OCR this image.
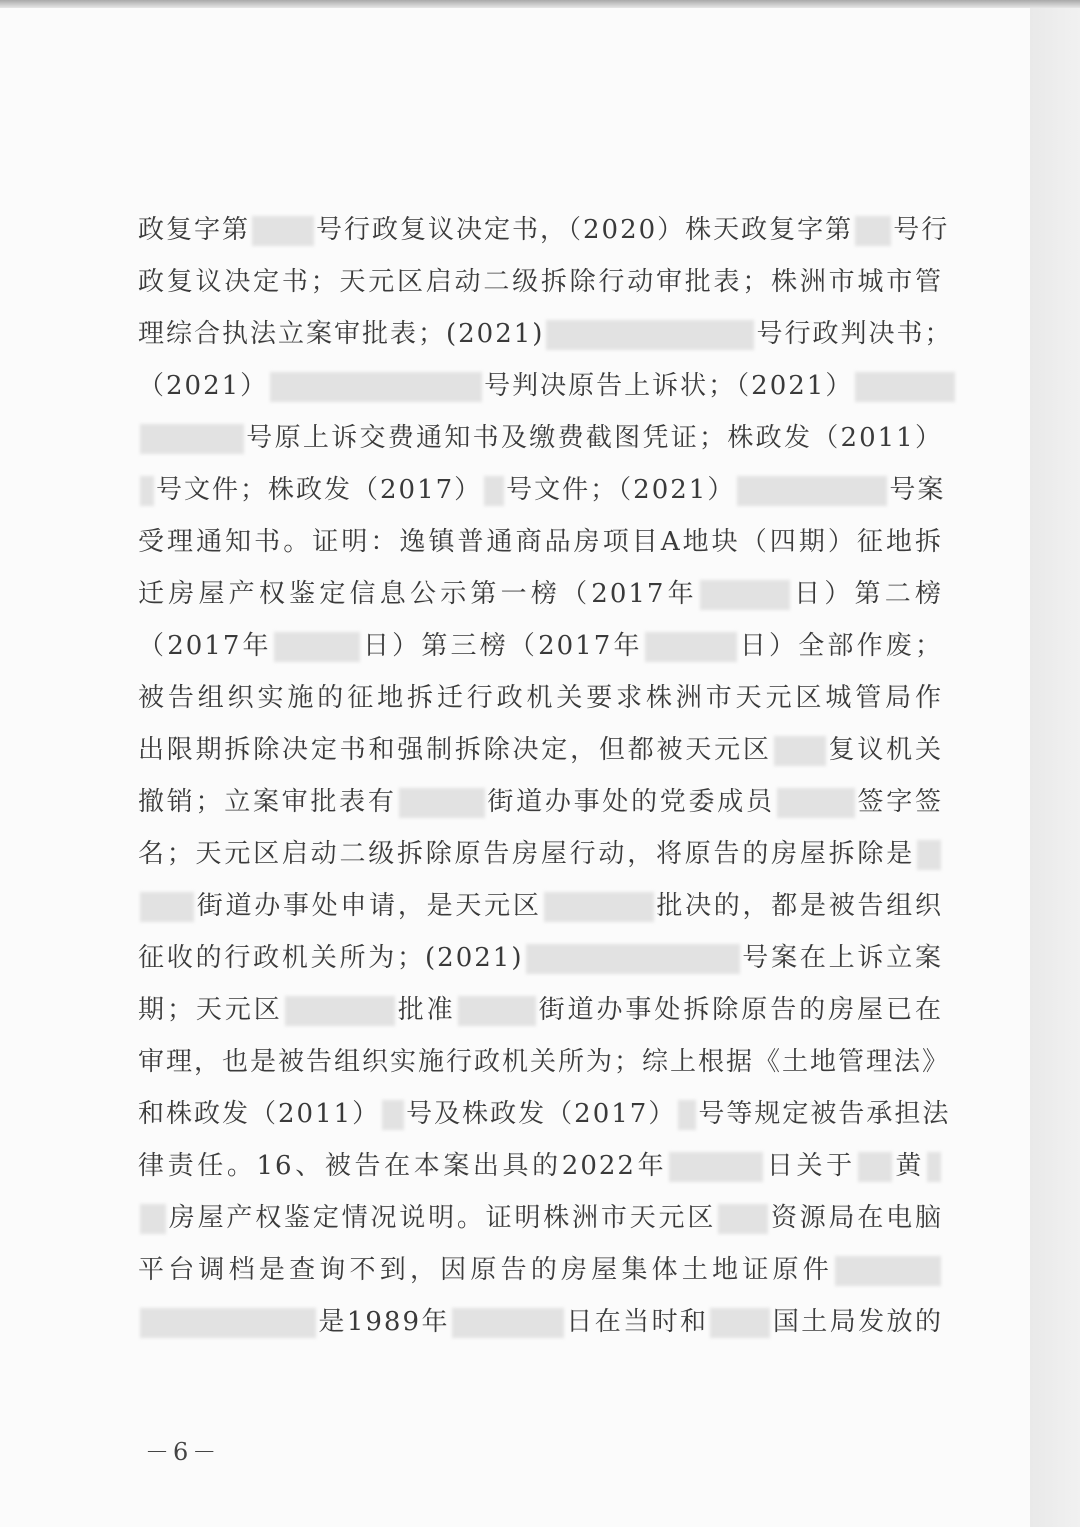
政复字第	号行政复议决定书，（2020）株天政复字第 号行
政复议决定书；天元区启动二级拆除行动审批表；株洲市城市管
理综合执法立案审批表；(2021)	号行政判决书；
（2021）	号判决原告上诉状；（2021）
号原上诉交费通知书及缴费截图凭证；株政发（2011）
号文件；株政发（2017） 号文件；（2021）	号案
受理通知书。证明：逸镇普通商品房项目A地块（四期）征地拆
迁房屋产权鉴定信息公示第一榜（2017年	日）第二榜
（2017年	日）第三榜（2017年	日）全部作废；
被告组织实施的征地拆迁行政机关要求株洲市天元区城管局作
出限期拆除决定书和强制拆除决定，但都被天元区 复议机关
撤销；立案审批表有	街道办事处的党委成员	签字签
名；天元区启动二级拆除原告房屋行动，将原告的房屋拆除是
街道办事处申请，是天元区	批决的，都是被告组织
征收的行政机关所为；(2021)	号案在上诉立案
期；天元区	批准	街道办事处拆除原告的房屋已在
审理，也是被告组织实施行政机关所为；综上根据《土地管理法》
和株政发（2011） 号及株政发（2017） 号等规定被告承担法
律责任。16、被告在本案出具的2022年	日关于 黄
房屋产权鉴定情况说明。证明株洲市天元区 资源局在电脑
平台调档是查询不到，因原告的房屋集体土地证原件
是1989年	日在当时和 国土局发放的
－6－
